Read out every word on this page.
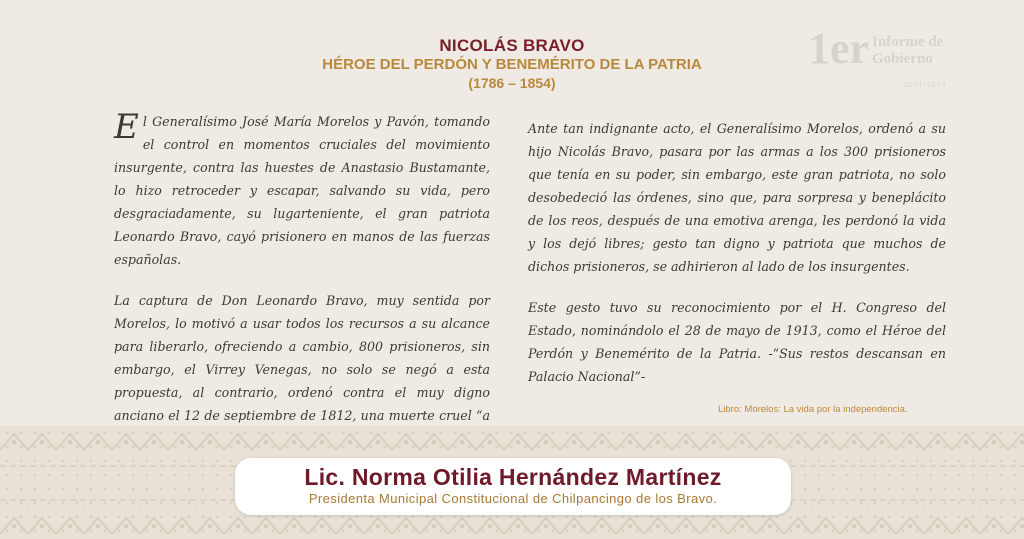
NICOLÁS BRAVO
HÉROE DEL PERDÓN Y BENEMÉRITO DE LA PATRIA
(1786 – 1854)
1er Informe de
Gobierno
2021-2024

El Generalísimo José María Morelos y Pavón, tomando el control en momentos cruciales del movimiento insurgente, contra las huestes de Anastasio Bustamante, lo hizo retroceder y escapar, salvando su vida, pero desgraciadamente, su lugarteniente, el gran patriota Leonardo Bravo, cayó prisionero en manos de las fuerzas españolas.

La captura de Don Leonardo Bravo, muy sentida por Morelos, lo motivó a usar todos los recursos a su alcance para liberarlo, ofreciendo a cambio, 800 prisioneros, sin embargo, el Virrey Venegas, no solo se negó a esta propuesta, al contrario, ordenó contra el muy digno anciano el 12 de septiembre de 1812, una muerte cruel “a

Ante tan indignante acto, el Generalísimo Morelos, ordenó a su hijo Nicolás Bravo, pasara por las armas a los 300 prisioneros que tenía en su poder, sin embargo, este gran patriota, no solo desobedeció las órdenes, sino que, para sorpresa y beneplácito de los reos, después de una emotiva arenga, les perdonó la vida y los dejó libres; gesto tan digno y patriota que muchos de dichos prisioneros, se adhirieron al lado de los insurgentes.

Este gesto tuvo su reconocimiento por el H. Congreso del Estado, nominándolo el 28 de mayo de 1913, como el Héroe del Perdón y Benemérito de la Patria. -“Sus restos descansan en Palacio Nacional”-

Libro: Morelos: La vida por la independencia.
Lic. Norma Otilia Hernández Martínez
Presidenta Municipal Constitucional de Chilpancingo de los Bravo.
